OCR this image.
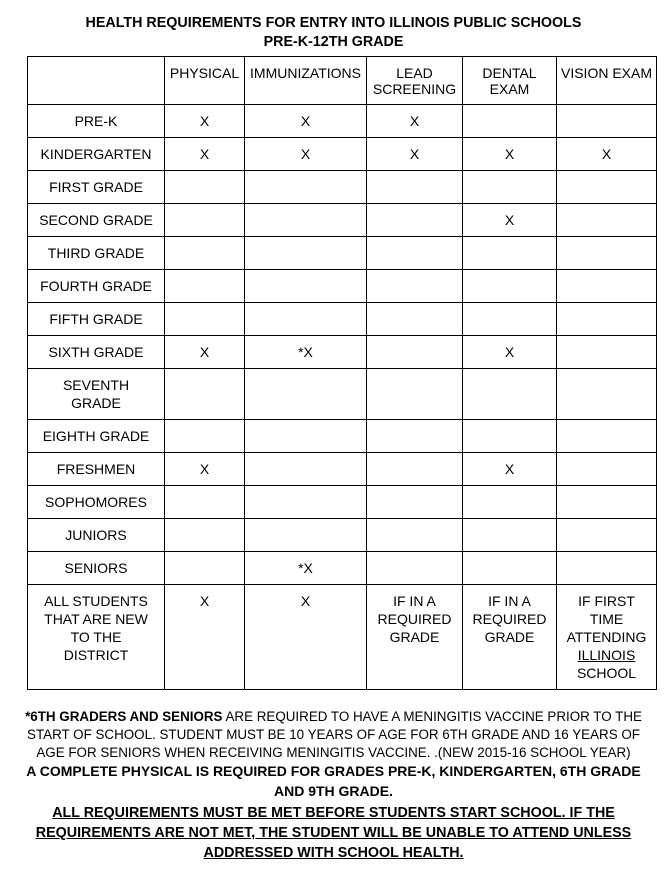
HEALTH REQUIREMENTS FOR ENTRY INTO ILLINOIS PUBLIC SCHOOLS
PRE-K-12TH GRADE
	PHYSICAL	IMMUNIZATIONS	LEAD SCREENING	DENTAL EXAM	VISION EXAM
PRE-K	X	X	X		
KINDERGARTEN	X	X	X	X	X
FIRST GRADE					
SECOND GRADE				X	
THIRD GRADE					
FOURTH GRADE					
FIFTH GRADE					
SIXTH GRADE	X	*X		X	

SEVENTH GRADE					

EIGHTH GRADE					
FRESHMEN	X			X	
SOPHOMORES					
JUNIORS					
SENIORS		*X			

ALL STUDENTS THAT ARE NEW TO THE DISTRICT	X	X	IF IN A REQUIRED GRADE	IF IN A REQUIRED GRADE	IF FIRST TIME ATTENDING ILLINOIS SCHOOL

*6TH GRADERS AND SENIORS ARE REQUIRED TO HAVE A MENINGITIS VACCINE PRIOR TO THE START OF SCHOOL. STUDENT MUST BE 10 YEARS OF AGE FOR 6TH GRADE AND 16 YEARS OF AGE FOR SENIORS WHEN RECEIVING MENINGITIS VACCINE. .(NEW 2015-16 SCHOOL YEAR)

A COMPLETE PHYSICAL IS REQUIRED FOR GRADES PRE-K, KINDERGARTEN, 6TH GRADE AND 9TH GRADE.

ALL REQUIREMENTS MUST BE MET BEFORE STUDENTS START SCHOOL. IF THE REQUIREMENTS ARE NOT MET, THE STUDENT WILL BE UNABLE TO ATTEND UNLESS ADDRESSED WITH SCHOOL HEALTH.
